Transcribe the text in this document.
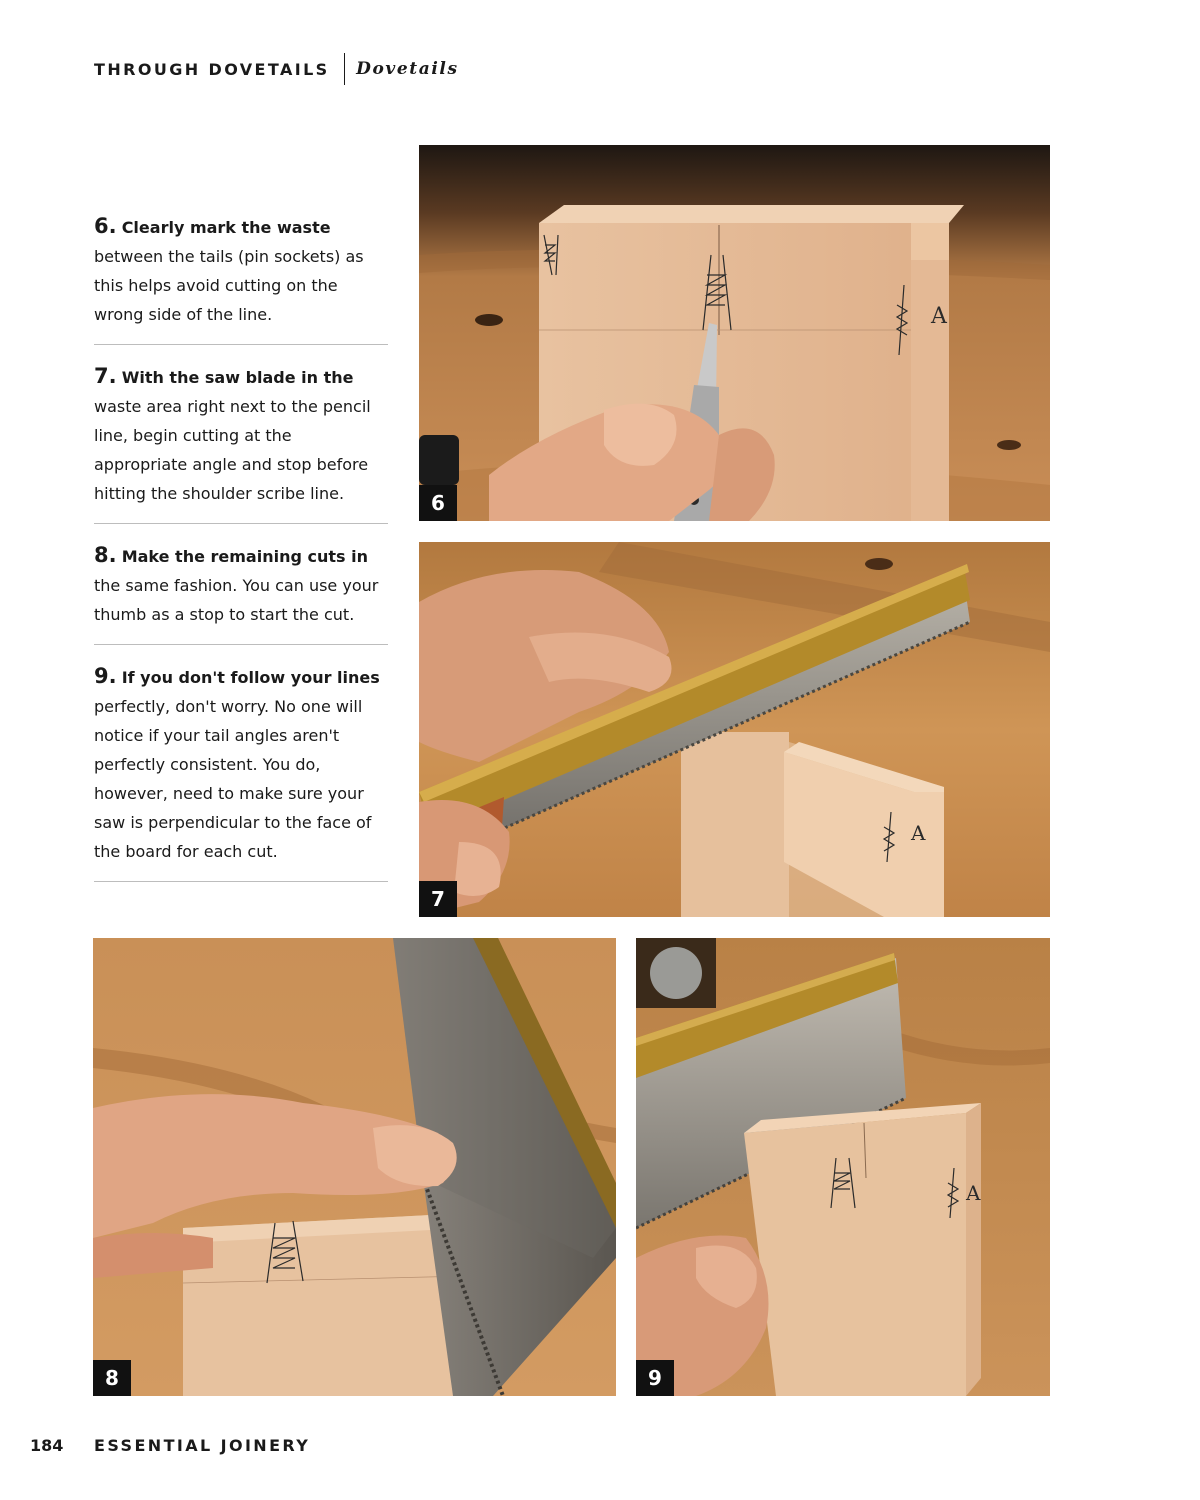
THROUGH DOVETAILS Dovetails
6. Clearly mark the waste between the tails (pin sockets) as this helps avoid cutting on the wrong side of the line.
7. With the saw blade in the waste area right next to the pencil line, begin cutting at the appropriate angle and stop before hitting the shoulder scribe line.
8. Make the remaining cuts in the same fashion. You can use your thumb as a stop to start the cut.
9. If you don't follow your lines perfectly, don't worry. No one will notice if your tail angles aren't perfectly consistent. You do, however, need to make sure your saw is perpendicular to the face of the board for each cut.
A
6
A
7
8
A
9
184	ESSENTIAL JOINERY
